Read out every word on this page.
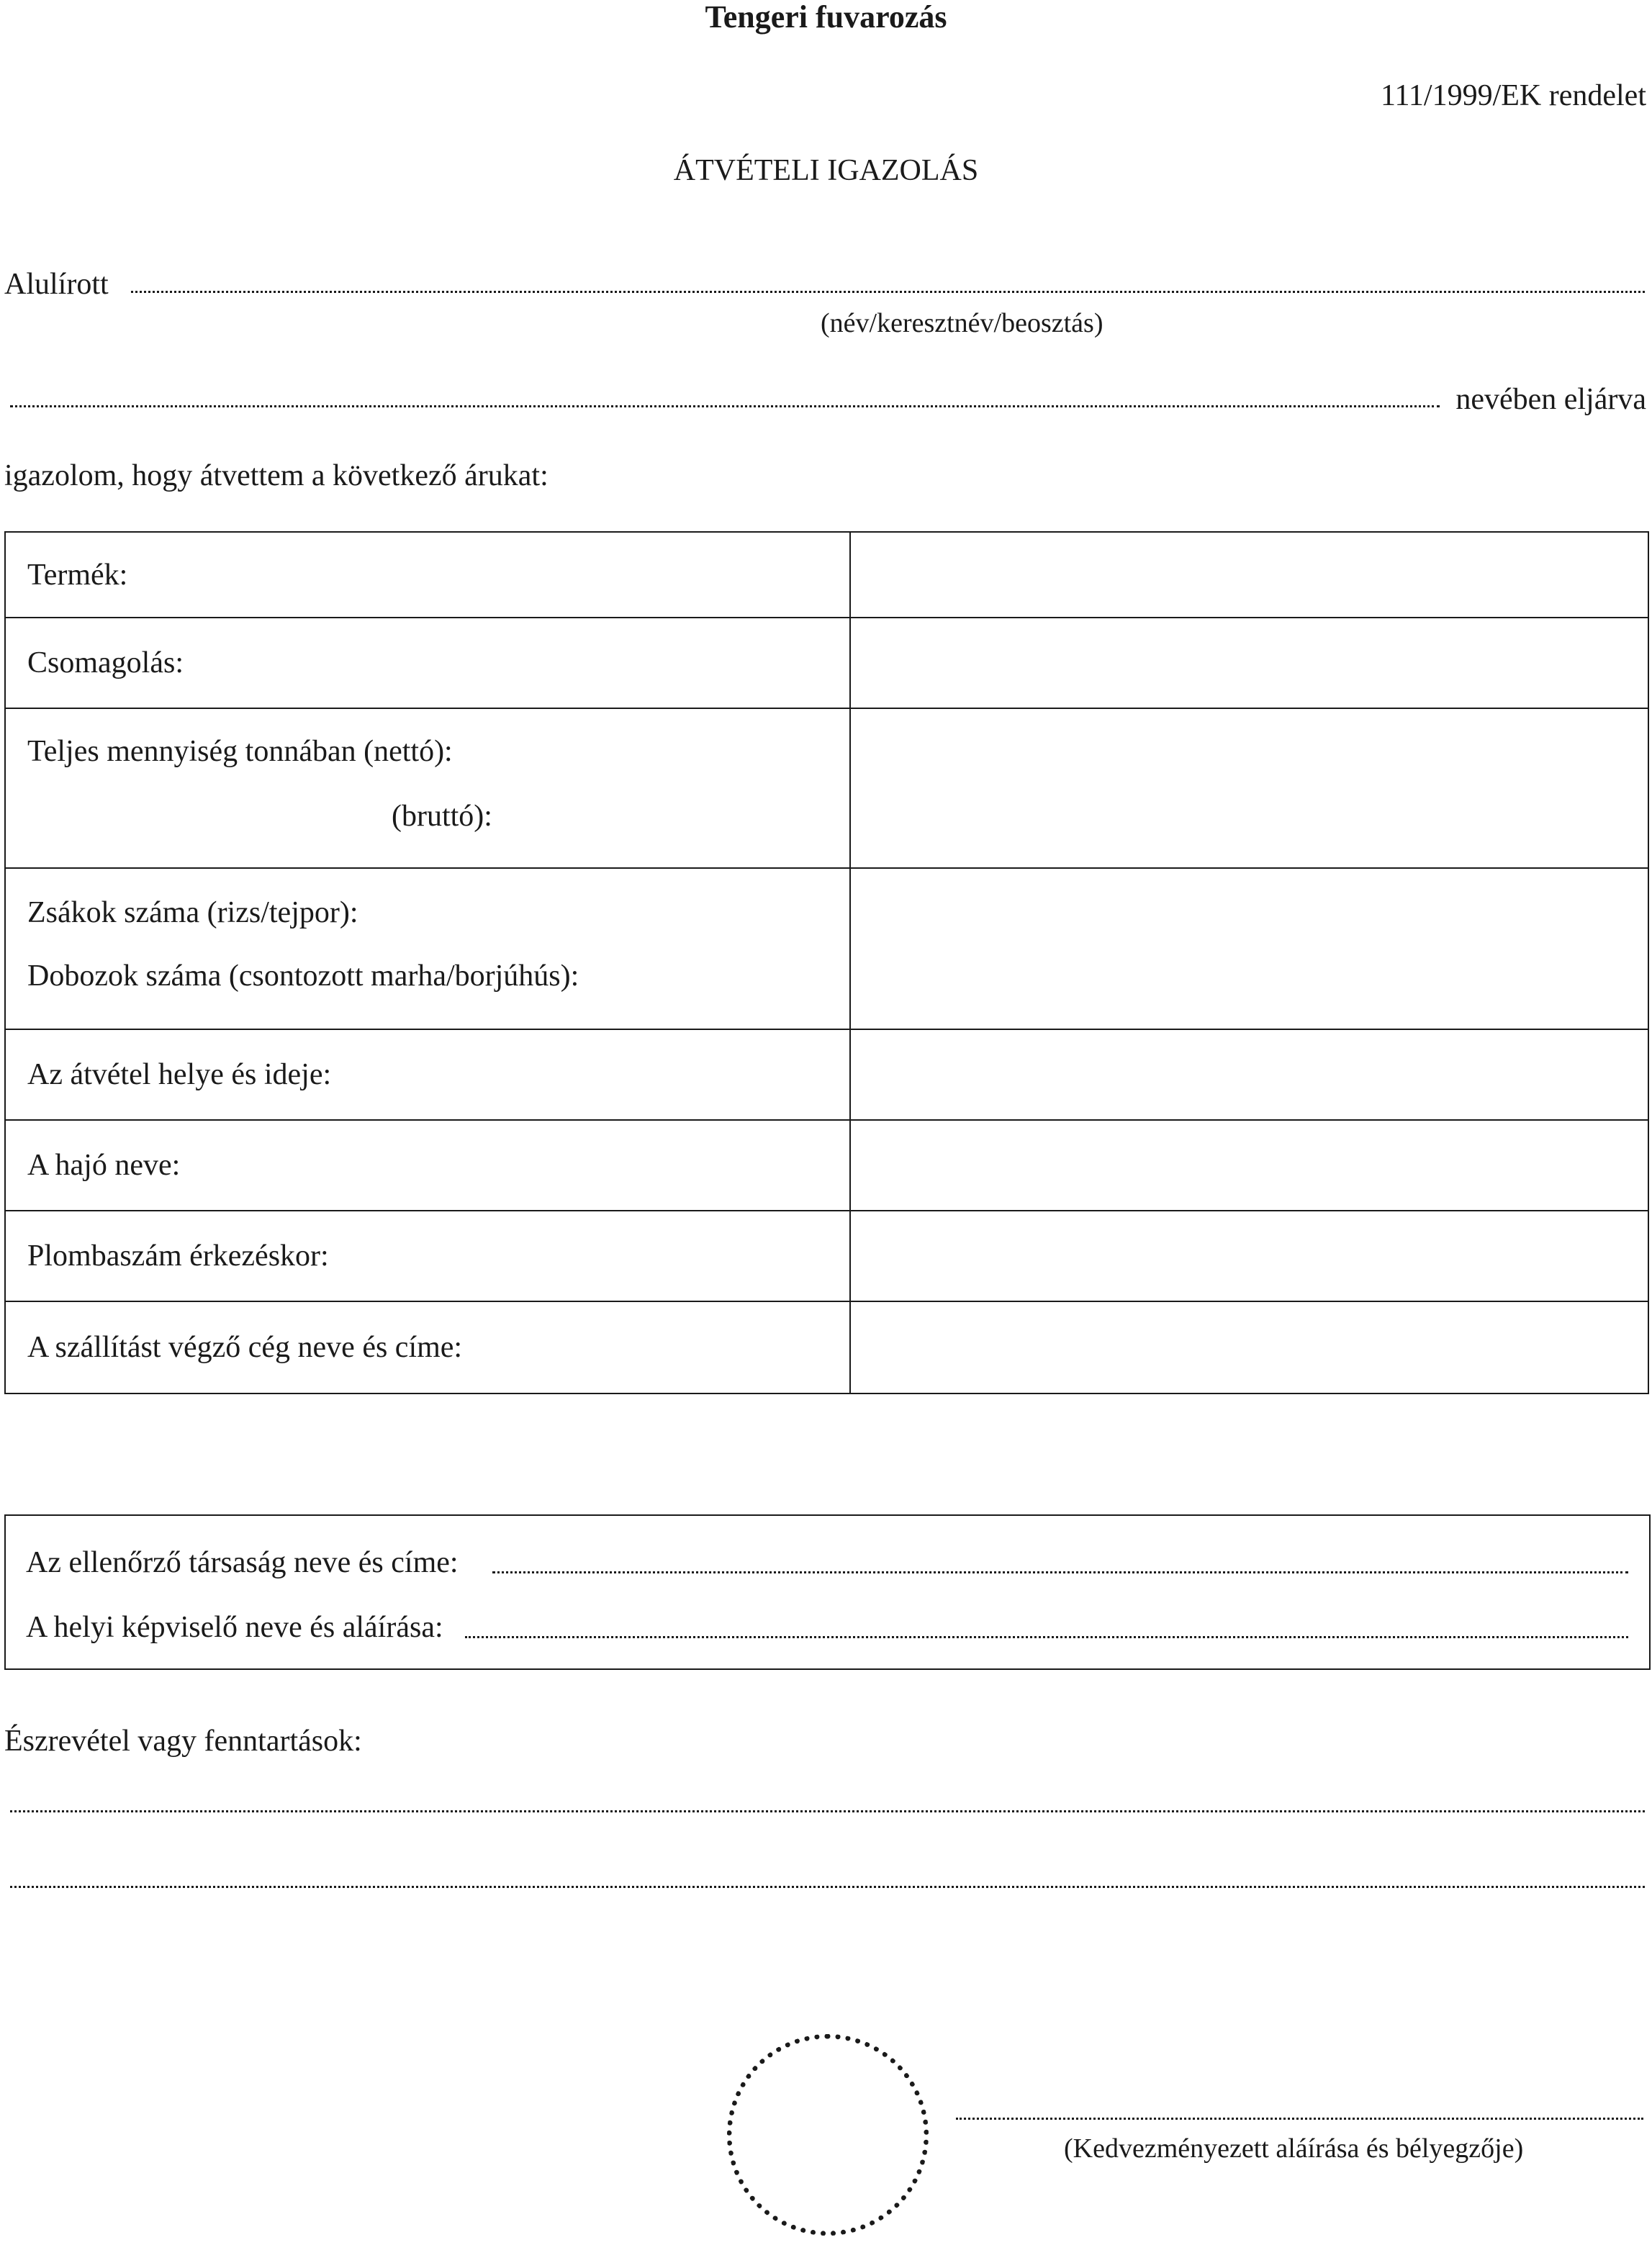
Tengeri fuvarozás
111/1999/EK rendelet
ÁTVÉTELI IGAZOLÁS
Alulírott
(név/keresztnév/beosztás)
nevében eljárva
igazolom, hogy átvettem a következő árukat:
Termék:	
Csomagolás:	

Teljes mennyiség tonnában (nettó):
(bruttó):	

Zsákok száma (rizs/tejpor):
Dobozok száma (csontozott marha/borjúhús):	

Az átvétel helye és ideje:	
A hajó neve:	
Plombaszám érkezéskor:	
A szállítást végző cég neve és címe:	
Az ellenőrző társaság neve és címe:
A helyi képviselő neve és aláírása:
Észrevétel vagy fenntartások:
(Kedvezményezett aláírása és bélyegzője)
